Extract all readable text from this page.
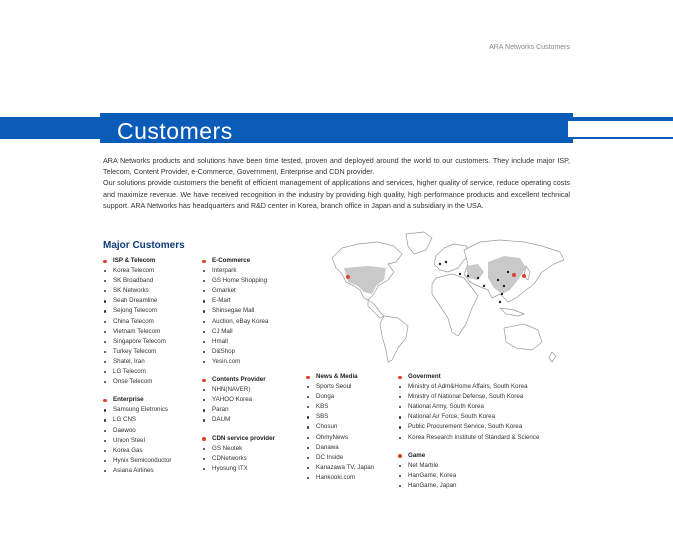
ARA Networks Customers
Customers

ARA Networks products and solutions have been time tested, proven and deployed around the world to our customers. They include major ISP, Telecom, Content Provider, e-Commerce, Government, Enterprise and CDN provider.

Our solutions provide customers the benefit of efficient management of applications and services, higher quality of service, reduce operating costs and maximize revenue. We have received recognition in the industry by providing high quality, high performance products and excellent technical support. ARA Networks has headquarters and R&D center in Korea, branch office in Japan and a subsidiary in the USA.

Major Customers
ISP & Telecom
Korea Telecom
SK Broadband
SK Networks
Seah Dreamline
Sejong Telecom
China Telecom
Vietnam Telecom
Singapore Telecom
Turkey Telecom
Shatel, Iran
LG Telecom
Onse Telecom
Enterprise
Samsung Eletronics
LG CNS
Daewoo
Union Steel
Korea Gas
Hynix Semiconductor
Asiana Airlines
E-Commerce
Interpark
GS Home Shopping
Gmarket
E-Mart
Shinsegae Mall
Auction, eBay Korea
CJ Mall
Hmall
D&Shop
Yesin.com
Contents Provider
NHN(NAVER)
YAHOO Korea
Paran
DAUM
CDN service provider
GS Neotek
CDNetworks
Hyosung ITX
News & Media
Sports Seoul
Donga
KBS
SBS
Chosun
OhmyNews
Danawa
DC Inside
Kanazawa TV, Japan
Hankooki.com
Goverment
Ministry of Adm&Home Affairs, South Korea
Ministry of National Defense, South Korea
National Army, South Korea
National Air Force, South Korea
Public Procurement Service, South Korea
Korea Research Institute of Standard & Science
Game
Net Marble
HanGame, Korea
HanGame, Japan
